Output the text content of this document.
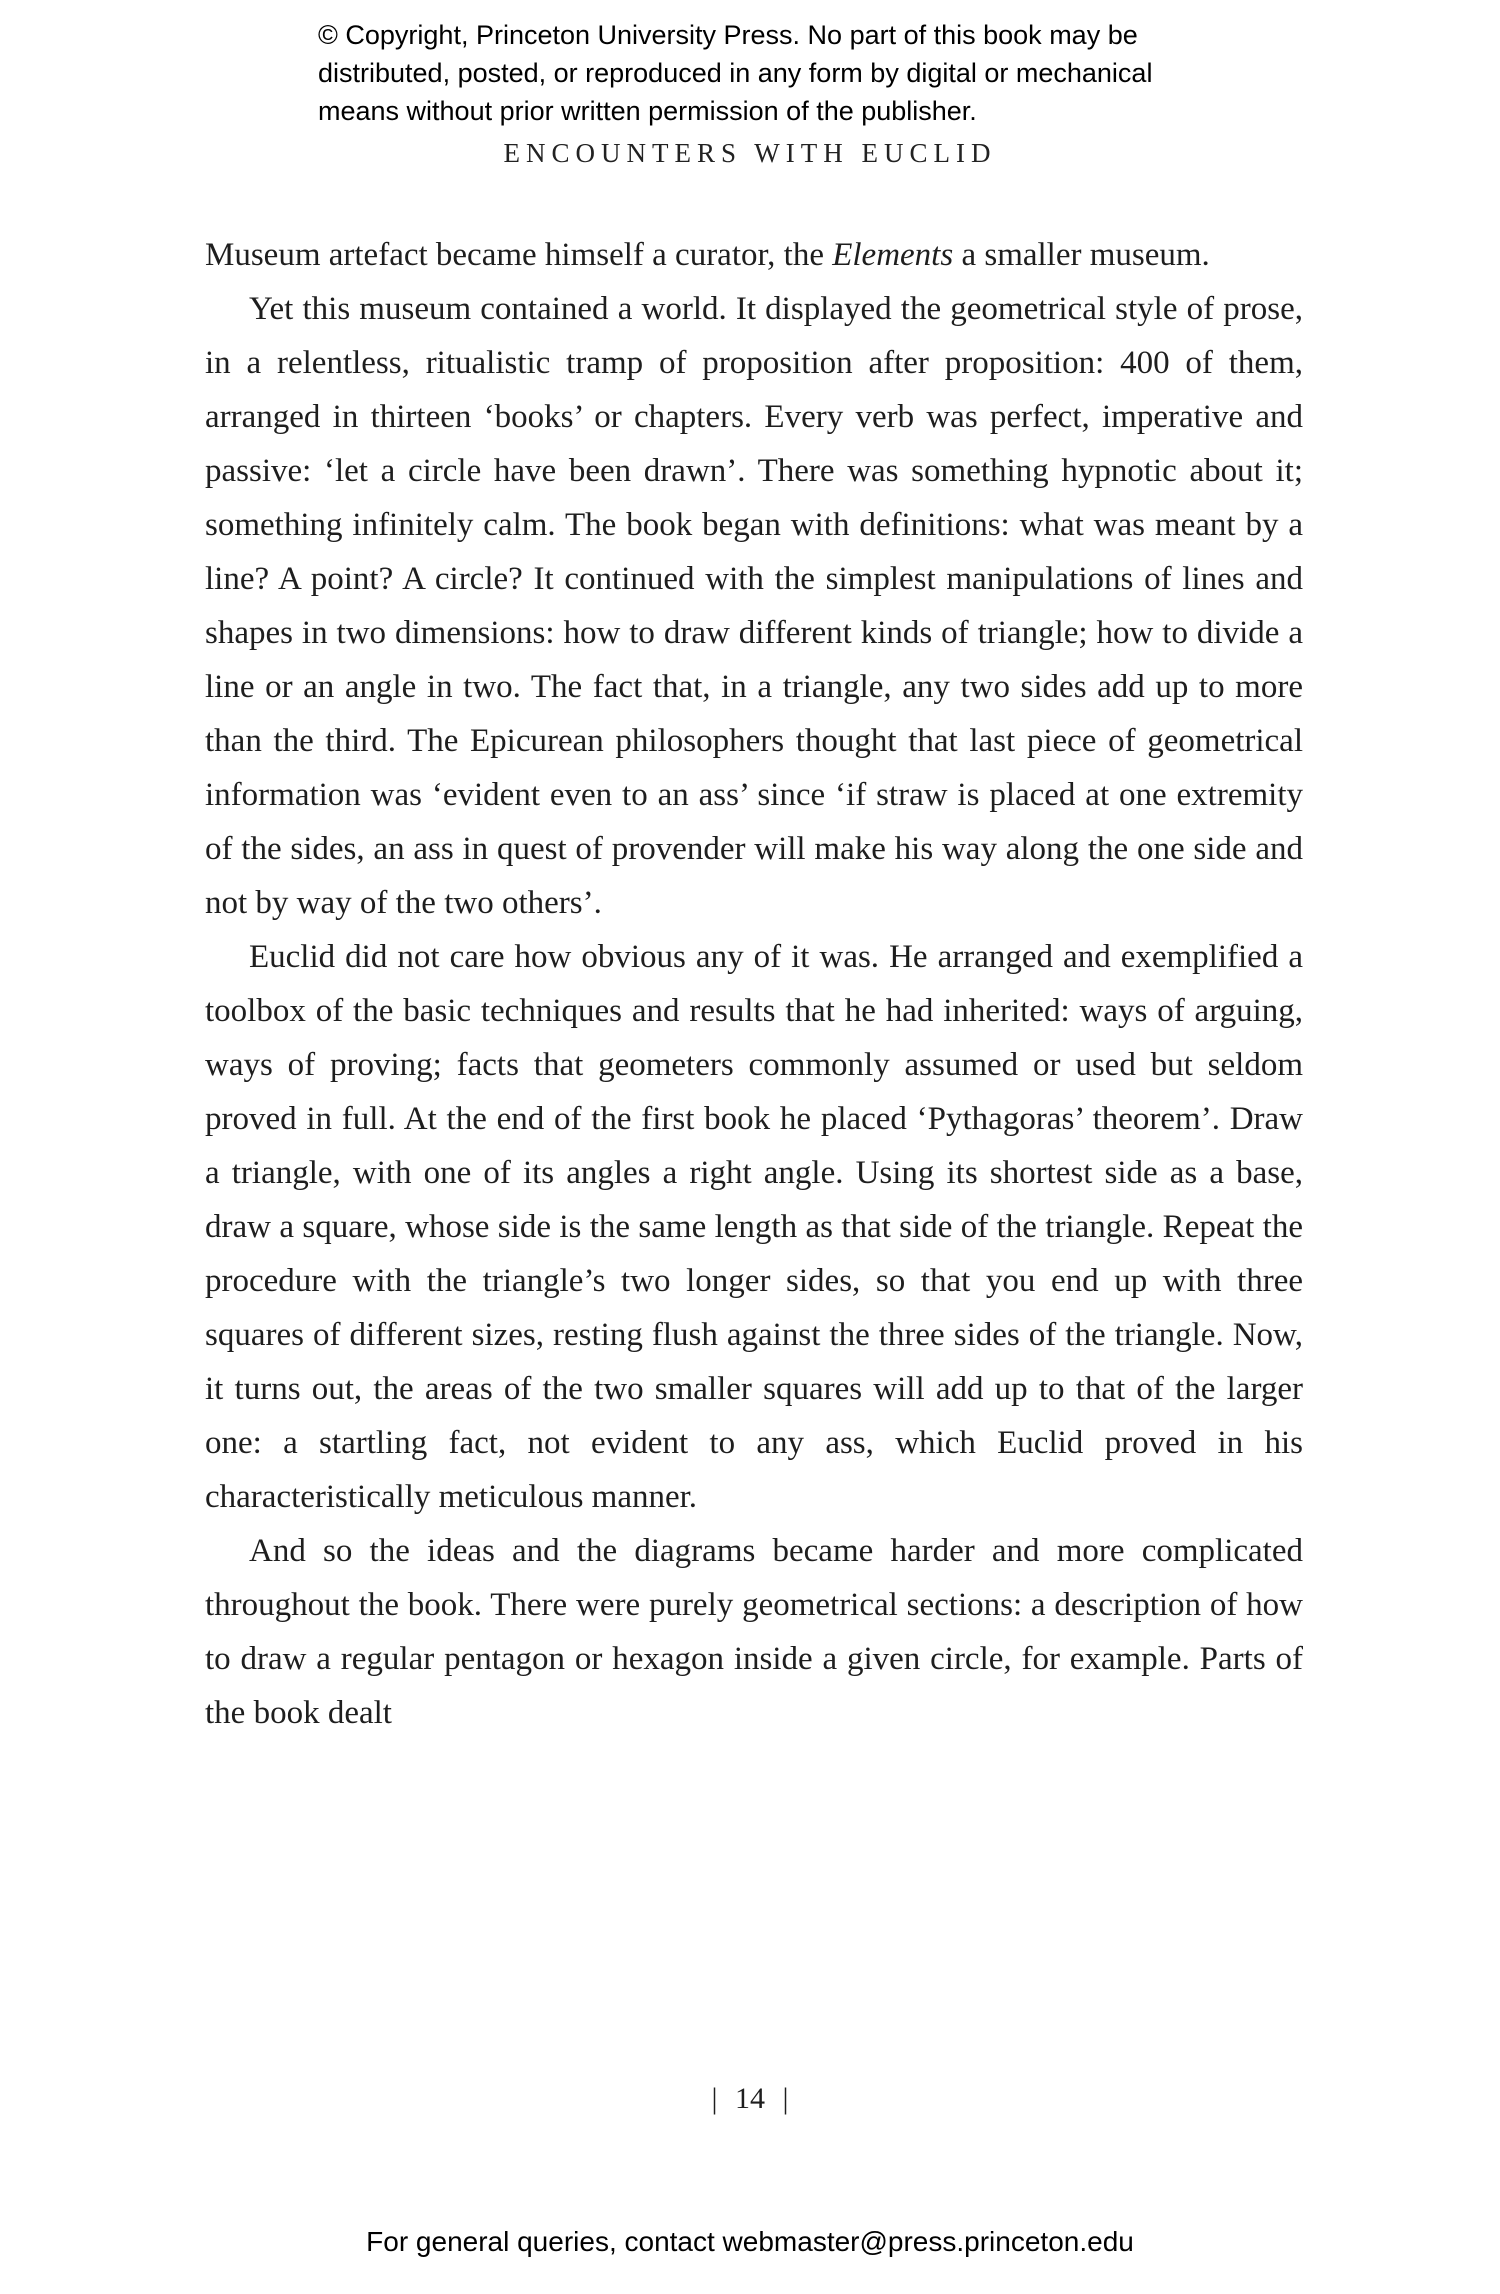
© Copyright, Princeton University Press. No part of this book may be
distributed, posted, or reproduced in any form by digital or mechanical
means without prior written permission of the publisher.
ENCOUNTERS WITH EUCLID

Museum artefact became himself a curator, the Elements a smaller museum.

Yet this museum contained a world. It displayed the geometrical style of prose, in a relentless, ritualistic tramp of proposition after proposition: 400 of them, arranged in thirteen ‘books’ or chapters. Every verb was perfect, imperative and passive: ‘let a circle have been drawn’. There was something hypnotic about it; something infinitely calm. The book began with definitions: what was meant by a line? A point? A circle? It continued with the simplest manipulations of lines and shapes in two dimensions: how to draw different kinds of triangle; how to divide a line or an angle in two. The fact that, in a triangle, any two sides add up to more than the third. The Epicurean philosophers thought that last piece of geometrical information was ‘evident even to an ass’ since ‘if straw is placed at one extremity of the sides, an ass in quest of provender will make his way along the one side and not by way of the two others’.

Euclid did not care how obvious any of it was. He arranged and exemplified a toolbox of the basic techniques and results that he had inherited: ways of arguing, ways of proving; facts that geometers commonly assumed or used but seldom proved in full. At the end of the first book he placed ‘Pythagoras’ theorem’. Draw a triangle, with one of its angles a right angle. Using its shortest side as a base, draw a square, whose side is the same length as that side of the triangle. Repeat the procedure with the triangle’s two longer sides, so that you end up with three squares of different sizes, resting flush against the three sides of the triangle. Now, it turns out, the areas of the two smaller squares will add up to that of the larger one: a startling fact, not evident to any ass, which Euclid proved in his characteristically meticulous manner.

And so the ideas and the diagrams became harder and more complicated throughout the book. There were purely geometrical sections: a description of how to draw a regular pentagon or hexagon inside a given circle, for example. Parts of the book dealt

| 14 |
For general queries, contact webmaster@press.princeton.edu
